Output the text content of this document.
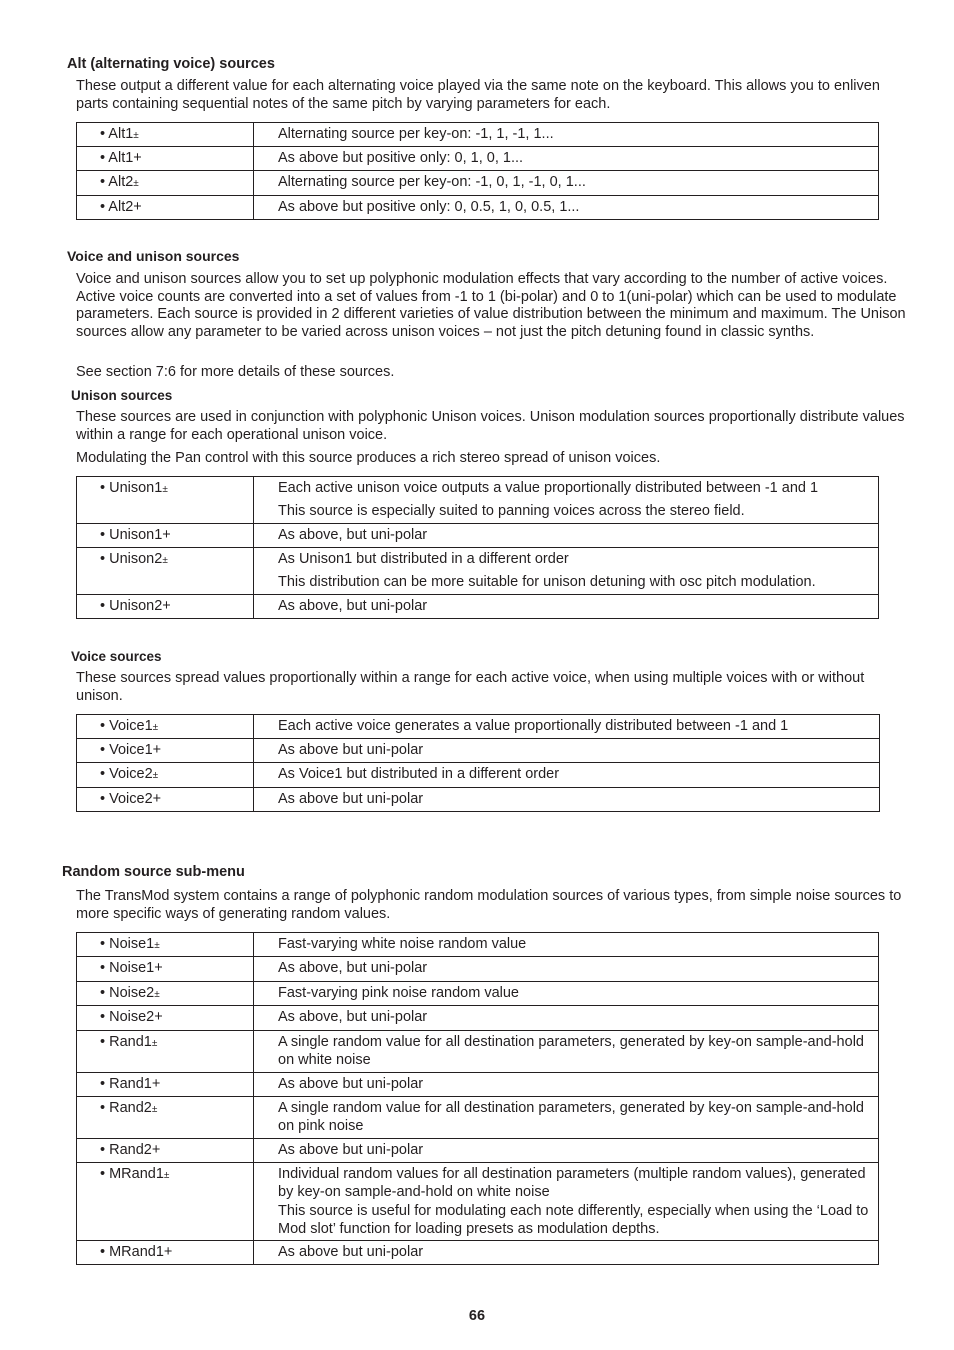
Alt (alternating voice) sources

These output a different value for each alternating voice played via the same note on the keyboard. This allows you to enliven parts containing sequential notes of the same pitch by varying parameters for each.

• Alt1±	Alternating source per key-on: -1, 1, -1, 1...

• Alt1+	As above but positive only: 0, 1, 0, 1...

• Alt2±	Alternating source per key-on: -1, 0, 1, -1, 0, 1...

• Alt2+	As above but positive only: 0, 0.5, 1, 0, 0.5, 1...
Voice and unison sources

Voice and unison sources allow you to set up polyphonic modulation effects that vary according to the number of active voices. Active voice counts are converted into a set of values from -1 to 1 (bi-polar) and 0 to 1(uni-polar) which can be used to modulate parameters. Each source is provided in 2 different varieties of value distribution between the minimum and maximum. The Unison sources allow any parameter to be varied across unison voices – not just the pitch detuning found in classic synths.

See section 7:6 for more details of these sources.

Unison sources

These sources are used in conjunction with polyphonic Unison voices. Unison modulation sources proportionally distribute values within a range for each operational unison voice.

Modulating the Pan control with this source produces a rich stereo spread of unison voices.

• Unison1±	Each active unison voice outputs a value proportionally distributed between -1 and 1
This source is especially suited to panning voices across the stereo field.

• Unison1+	As above, but uni-polar

• Unison2±	As Unison1 but distributed in a different order
This distribution can be more suitable for unison detuning with osc pitch modulation.

• Unison2+	As above, but uni-polar
Voice sources

These sources spread values proportionally within a range for each active voice, when using multiple voices with or without unison.

• Voice1±	Each active voice generates a value proportionally distributed between -1 and 1

• Voice1+	As above but uni-polar

• Voice2±	As Voice1 but distributed in a different order

• Voice2+	As above but uni-polar
Random source sub-menu

The TransMod system contains a range of polyphonic random modulation sources of various types, from simple noise sources to more specific ways of generating random values.

• Noise1±	Fast-varying white noise random value

• Noise1+	As above, but uni-polar

• Noise2±	Fast-varying pink noise random value

• Noise2+	As above, but uni-polar

• Rand1±	A single random value for all destination parameters, generated by key-on sample-and-hold on white noise

• Rand1+	As above but uni-polar

• Rand2±	A single random value for all destination parameters, generated by key-on sample-and-hold on pink noise

• Rand2+	As above but uni-polar

• MRand1±	Individual random values for all destination parameters (multiple random values), generated by key-on sample-and-hold on white noise
This source is useful for modulating each note differently, especially when using the ‘Load to Mod slot’ function for loading presets as modulation depths.

• MRand1+	As above but uni-polar
66
